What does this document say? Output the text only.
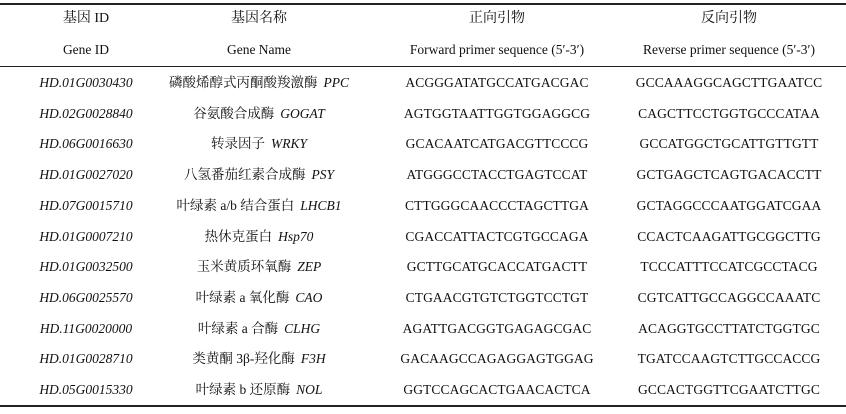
基因 ID	基因名称	正向引物	反向引物
Gene ID	Gene Name	Forward primer sequence (5′-3′)	Reverse primer sequence (5′-3′)
HD.01G0030430	磷酸烯醇式丙酮酸羧激酶 PPC	ACGGGATATGCCATGACGAC	GCCAAAGGCAGCTTGAATCC
HD.02G0028840	谷氨酸合成酶 GOGAT	AGTGGTAATTGGTGGAGGCG	CAGCTTCCTGGTGCCCATAA
HD.06G0016630	转录因子 WRKY	GCACAATCATGACGTTCCCG	GCCATGGCTGCATTGTTGTT
HD.01G0027020	八氢番茄红素合成酶 PSY	ATGGGCCTACCTGAGTCCAT	GCTGAGCTCAGTGACACCTT
HD.07G0015710	叶绿素 a/b 结合蛋白 LHCB1	CTTGGGCAACCCTAGCTTGA	GCTAGGCCCAATGGATCGAA
HD.01G0007210	热休克蛋白 Hsp70	CGACCATTACTCGTGCCAGA	CCACTCAAGATTGCGGCTTG
HD.01G0032500	玉米黄质环氧酶 ZEP	GCTTGCATGCACCATGACTT	TCCCATTTCCATCGCCTACG
HD.06G0025570	叶绿素 a 氧化酶 CAO	CTGAACGTGTCTGGTCCTGT	CGTCATTGCCAGGCCAAATC
HD.11G0020000	叶绿素 a 合酶 CLHG	AGATTGACGGTGAGAGCGAC	ACAGGTGCCTTATCTGGTGC
HD.01G0028710	类黄酮 3β-羟化酶 F3H	GACAAGCCAGAGGAGTGGAG	TGATCCAAGTCTTGCCACCG
HD.05G0015330	叶绿素 b 还原酶 NOL	GGTCCAGCACTGAACACTCA	GCCACTGGTTCGAATCTTGC
